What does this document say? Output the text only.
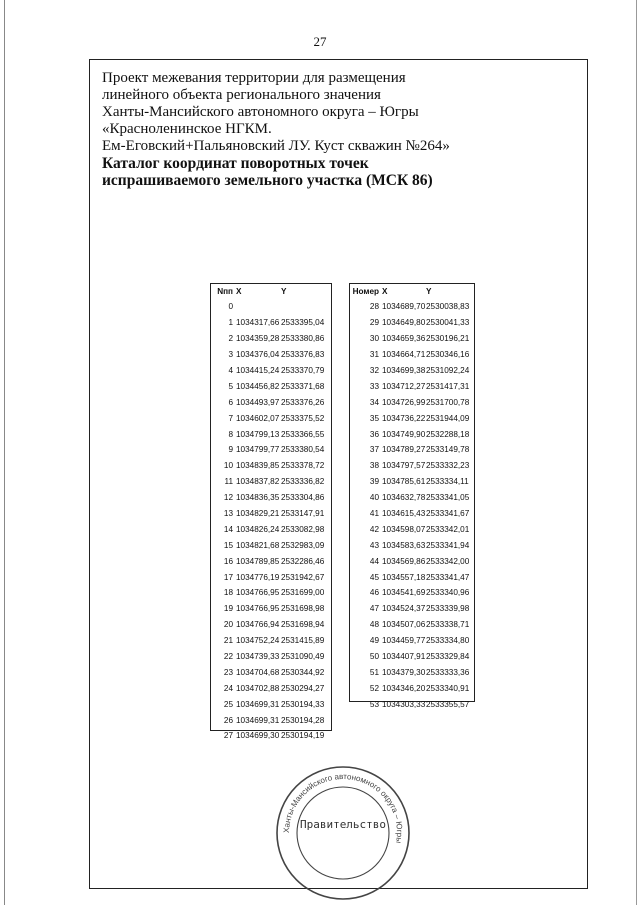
27
Проект межевания территории для размещения
линейного объекта регионального значения
Ханты-Мансийского автономного округа – Югры
«Красноленинское НГКМ.
Ем-Еговский+Пальяновский ЛУ. Куст скважин №264»
Каталог координат поворотных точек
испрашиваемого земельного участка (МСК 86)
Nпп X	Y
0
1 1034317,66 2533395,04
2 1034359,28 2533380,86
3 1034376,04 2533376,83
4 1034415,24 2533370,79
5 1034456,82 2533371,68
6 1034493,97 2533376,26
7 1034602,07 2533375,52
8 1034799,13 2533366,55
9 1034799,77 2533380,54
10 1034839,85 2533378,72
11 1034837,82 2533336,82
12 1034836,35 2533304,86
13 1034829,21 2533147,91
14 1034826,24 2533082,98
15 1034821,68 2532983,09
16 1034789,85 2532286,46
17 1034776,19 2531942,67
18 1034766,95 2531699,00
19 1034766,95 2531698,98
20 1034766,94 2531698,94
21 1034752,24 2531415,89
22 1034739,33 2531090,49
23 1034704,68 2530344,92
24 1034702,88 2530294,27
25 1034699,31 2530194,33
26 1034699,31 2530194,28
27 1034699,30 2530194,19
Номер X	Y
28 1034689,70 2530038,83
29 1034649,80 2530041,33
30 1034659,36 2530196,21
31 1034664,71 2530346,16
32 1034699,38 2531092,24
33 1034712,27 2531417,31
34 1034726,99 2531700,78
35 1034736,22 2531944,09
36 1034749,90 2532288,18
37 1034789,27 2533149,78
38 1034797,57 2533332,23
39 1034785,61 2533334,11
40 1034632,78 2533341,05
41 1034615,43 2533341,67
42 1034598,07 2533342,01
43 1034583,63 2533341,94
44 1034569,86 2533342,00
45 1034557,18 2533341,47
46 1034541,69 2533340,96
47 1034524,37 2533339,98
48 1034507,06 2533338,71
49 1034459,77 2533334,80
50 1034407,91 2533329,84
51 1034379,30 2533333,36
52 1034346,20 2533340,91
53 1034303,33 2533355,57
Ханты-Мансийского автономного округа – Югры
Правительство
